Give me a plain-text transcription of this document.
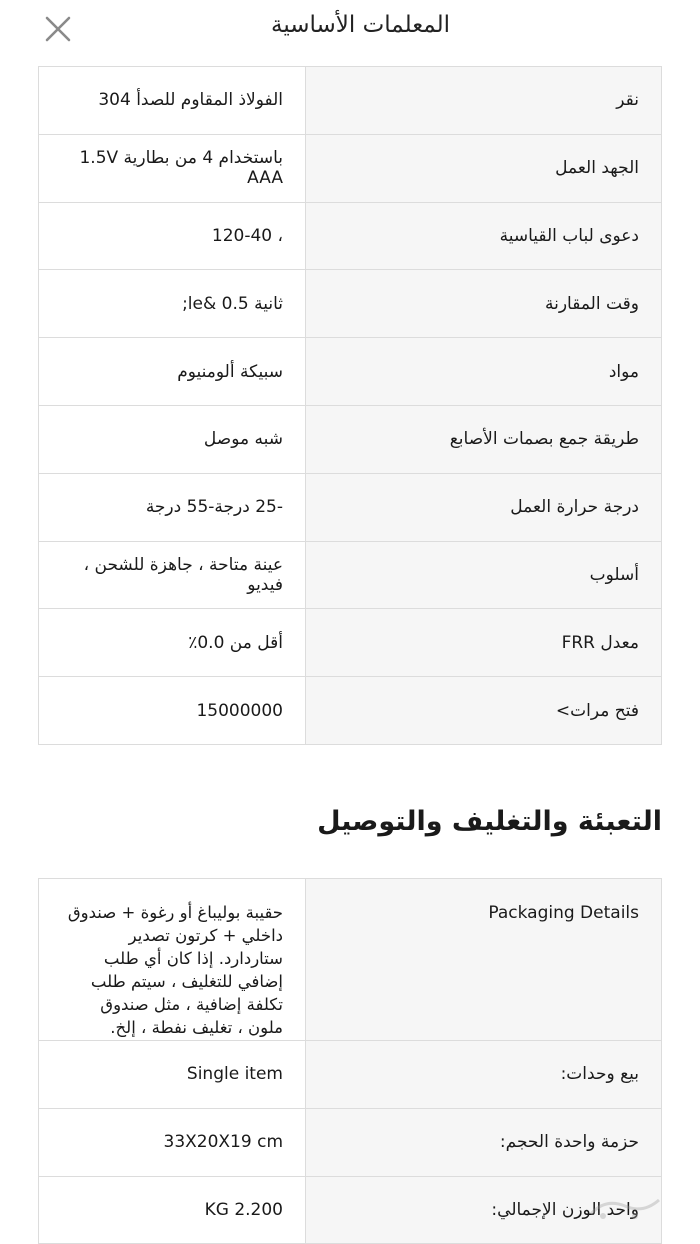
المعلمات الأساسية
نقر	الفولاذ المقاوم للصدأ 304
الجهد العمل	باستخدام 4 من بطارية 1.5V AAA
دعوى لباب القياسية	، 120-40
وقت المقارنة	ثانية 0.5 &le;
مواد	سبيكة ألومنيوم
طريقة جمع بصمات الأصابع	شبه موصل
درجة حرارة العمل	-25 درجة-55 درجة
أسلوب	عينة متاحة ، جاهزة للشحن ، فيديو
معدل FRR	أقل من 0.0٪
فتح مرات>	15000000
التعبئة والتغليف والتوصيل
Packaging Details	حقيبة بوليباغ أو رغوة + صندوق داخلي + كرتون تصدير ستاردارد. إذا كان أي طلب إضافي للتغليف ، سيتم طلب تكلفة إضافية ، مثل صندوق ملون ، تغليف نفطة ، إلخ.
بيع وحدات:	Single item
حزمة واحدة الحجم:	33X20X19 cm
واحد الوزن الإجمالي:	2.200 KG
